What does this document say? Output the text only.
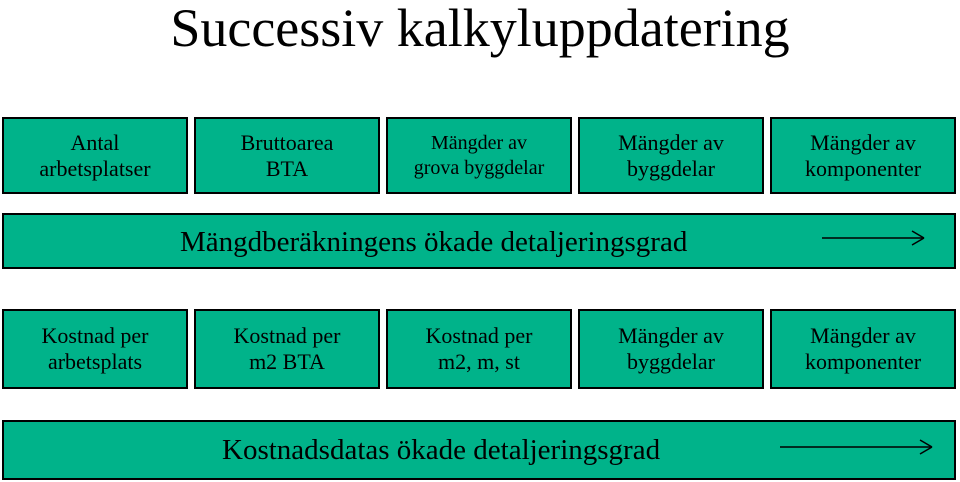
Successiv kalkyluppdatering
Antal
arbetsplatser
Bruttoarea
BTA
Mängder av
grova byggdelar
Mängder av
byggdelar
Mängder av
komponenter
Mängdberäkningens ökade detaljeringsgrad
Kostnad per
arbetsplats
Kostnad per
m2 BTA
Kostnad per
m2, m, st
Mängder av
byggdelar
Mängder av
komponenter
Kostnadsdatas ökade detaljeringsgrad
